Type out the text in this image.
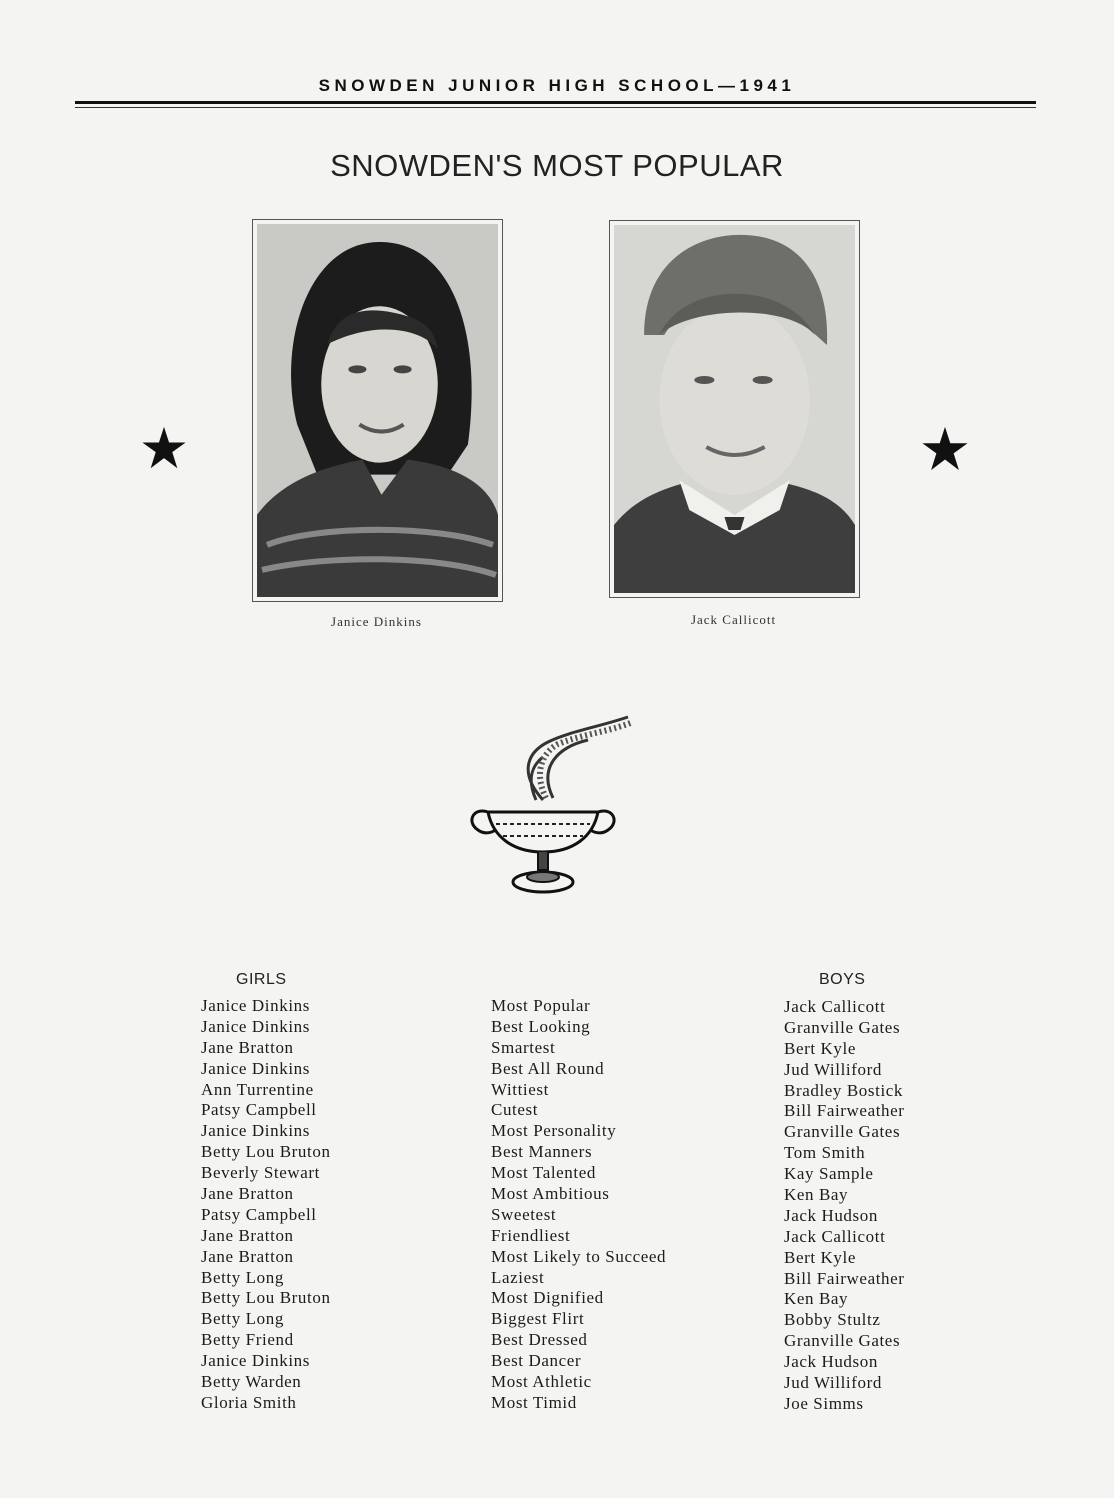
SNOWDEN JUNIOR HIGH SCHOOL—1941
SNOWDEN'S MOST POPULAR
Janice Dinkins	Jack Callicott
GIRLS	BOYS
Janice Dinkins
Janice Dinkins
Jane Bratton
Janice Dinkins
Ann Turrentine
Patsy Campbell
Janice Dinkins
Betty Lou Bruton
Beverly Stewart
Jane Bratton
Patsy Campbell
Jane Bratton
Jane Bratton
Betty Long
Betty Lou Bruton
Betty Long
Betty Friend
Janice Dinkins
Betty Warden
Gloria Smith
Most Popular
Best Looking
Smartest
Best All Round
Wittiest
Cutest
Most Personality
Best Manners
Most Talented
Most Ambitious
Sweetest
Friendliest
Most Likely to Succeed
Laziest
Most Dignified
Biggest Flirt
Best Dressed
Best Dancer
Most Athletic
Most Timid
Jack Callicott
Granville Gates
Bert Kyle
Jud Williford
Bradley Bostick
Bill Fairweather
Granville Gates
Tom Smith
Kay Sample
Ken Bay
Jack Hudson
Jack Callicott
Bert Kyle
Bill Fairweather
Ken Bay
Bobby Stultz
Granville Gates
Jack Hudson
Jud Williford
Joe Simms
